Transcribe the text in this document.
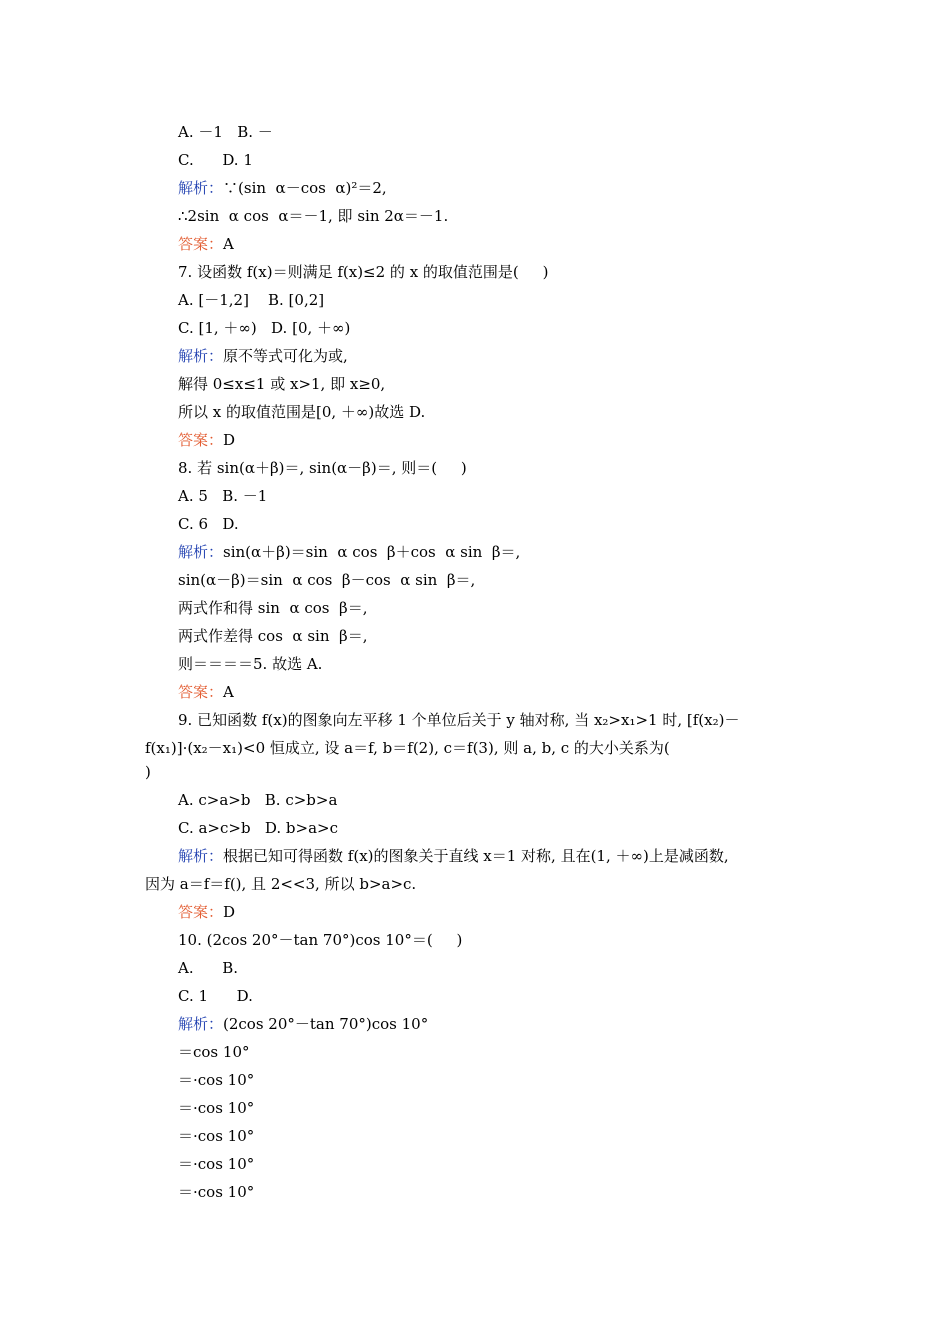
A. －1   B. －
C.      D. 1
解析：∵(sin  α－cos  α)²＝2,
∴2sin  α cos  α＝－1, 即 sin 2α＝－1.
答案：A
7. 设函数 f(x)＝则满足 f(x)≤2 的 x 的取值范围是(     )
A. [－1,2]    B. [0,2]
C. [1, ＋∞)   D. [0, ＋∞)
解析：原不等式可化为或,
解得 0≤x≤1 或 x>1, 即 x≥0,
所以 x 的取值范围是[0, ＋∞)故选 D.
答案：D
8. 若 sin(α＋β)＝, sin(α－β)＝, 则＝(     )
A. 5   B. －1
C. 6   D.
解析：sin(α＋β)＝sin  α cos  β＋cos  α sin  β＝,
sin(α－β)＝sin  α cos  β－cos  α sin  β＝,
两式作和得 sin  α cos  β＝,
两式作差得 cos  α sin  β＝,
则＝＝＝＝5. 故选 A.
答案：A
9. 已知函数 f(x)的图象向左平移 1 个单位后关于 y 轴对称, 当 x₂>x₁>1 时, [f(x₂)－
f(x₁)]·(x₂－x₁)<0 恒成立, 设 a＝f, b＝f(2), c＝f(3), 则 a, b, c 的大小关系为(
)
A. c>a>b   B. c>b>a
C. a>c>b   D. b>a>c
解析：根据已知可得函数 f(x)的图象关于直线 x＝1 对称, 且在(1, ＋∞)上是减函数,
因为 a＝f＝f(), 且 2<<3, 所以 b>a>c.
答案：D
10. (2cos 20°－tan 70°)cos 10°＝(     )
A.      B.
C. 1      D.
解析：(2cos 20°－tan 70°)cos 10°
＝cos 10°
＝·cos 10°
＝·cos 10°
＝·cos 10°
＝·cos 10°
＝·cos 10°
